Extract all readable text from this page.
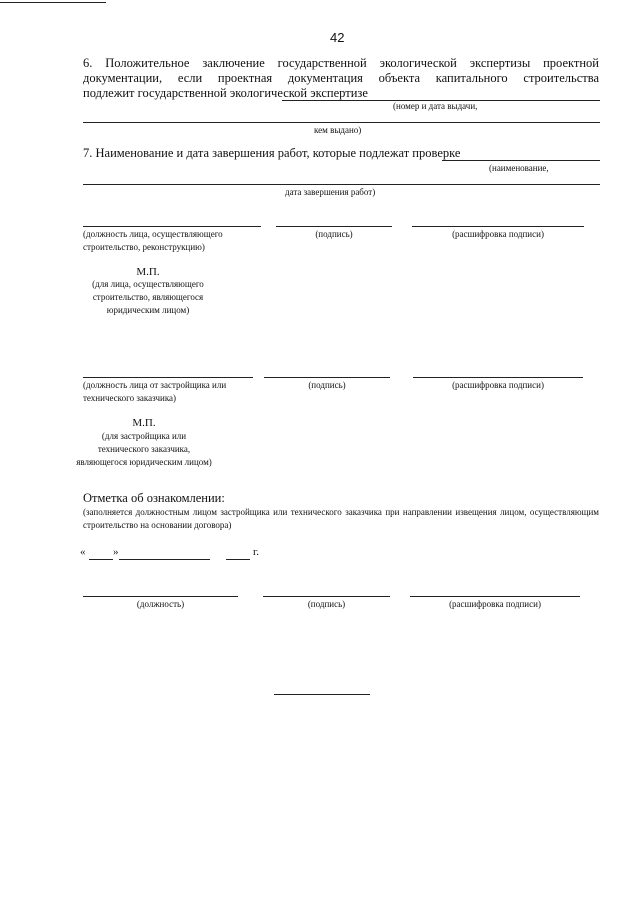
42
6. Положительное заключение государственной экологической экспертизы проектной
документации, если проектная документация объекта капитального строительства
подлежит государственной экологической экспертизе
(номер и дата выдачи,
кем выдано)
7. Наименование и дата завершения работ, которые подлежат проверке
(наименование,
дата завершения работ)
(должность лица, осуществляющего строительство, реконструкцию)
(подпись)	(расшифровка подписи)
М.П.
(для лица, осуществляющего строительство, являющегося юридическим лицом)
(должность лица от застройщика или технического заказчика)
(подпись)	(расшифровка подписи)
М.П.
(для застройщика или технического заказчика, являющегося юридическим лицом)
Отметка об ознакомлении:
(заполняется должностным лицом застройщика или технического заказчика при направлении извещения лицом, осуществляющим строительство на основании договора)
«	»	г.
(должность)	(подпись)	(расшифровка подписи)
